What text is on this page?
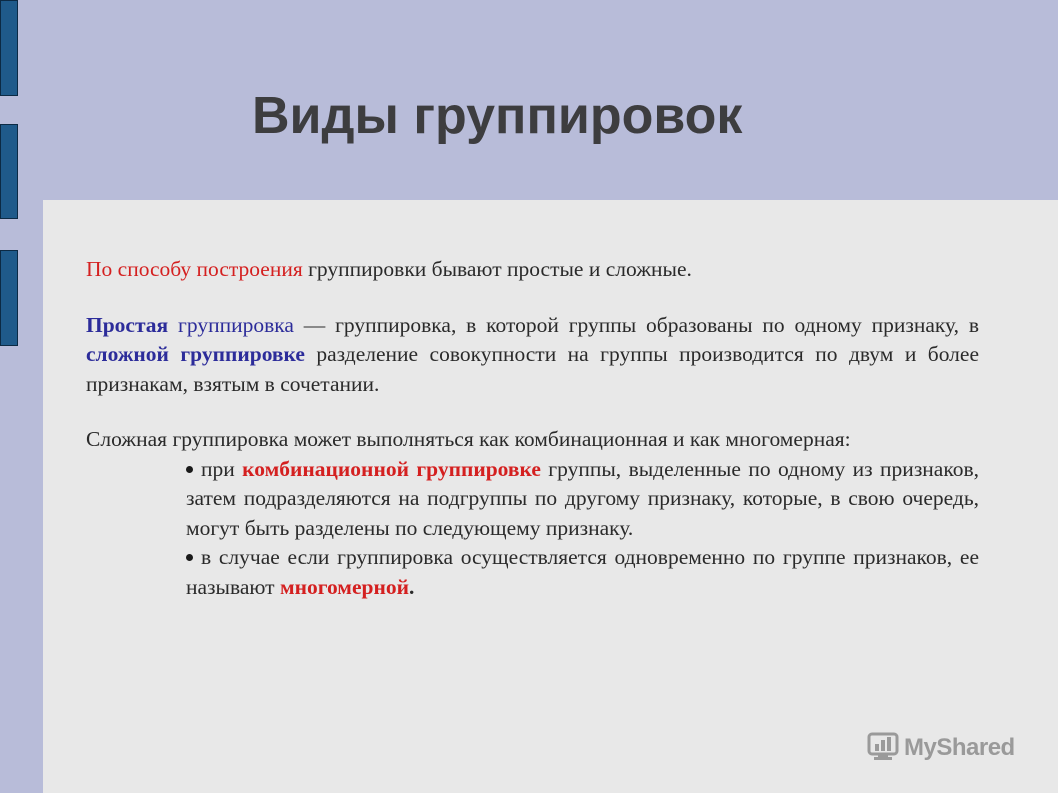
Виды группировок

По способу построения группировки бывают простые и сложные.

Простая группировка — группировка, в которой группы образованы по одному признаку, в сложной группировке разделение совокупности на группы производится по двум и более признакам, взятым в сочетании.

Сложная группировка может выполняться как комбинационная и как многомерная:

при комбинационной группировке группы, выделенные по одному из признаков, затем подразделяются на подгруппы по другому признаку, которые, в свою очередь, могут быть разделены по следующему признаку.
в случае если группировка осуществляется одновременно по группе признаков, ее называют многомерной.
MyShared
